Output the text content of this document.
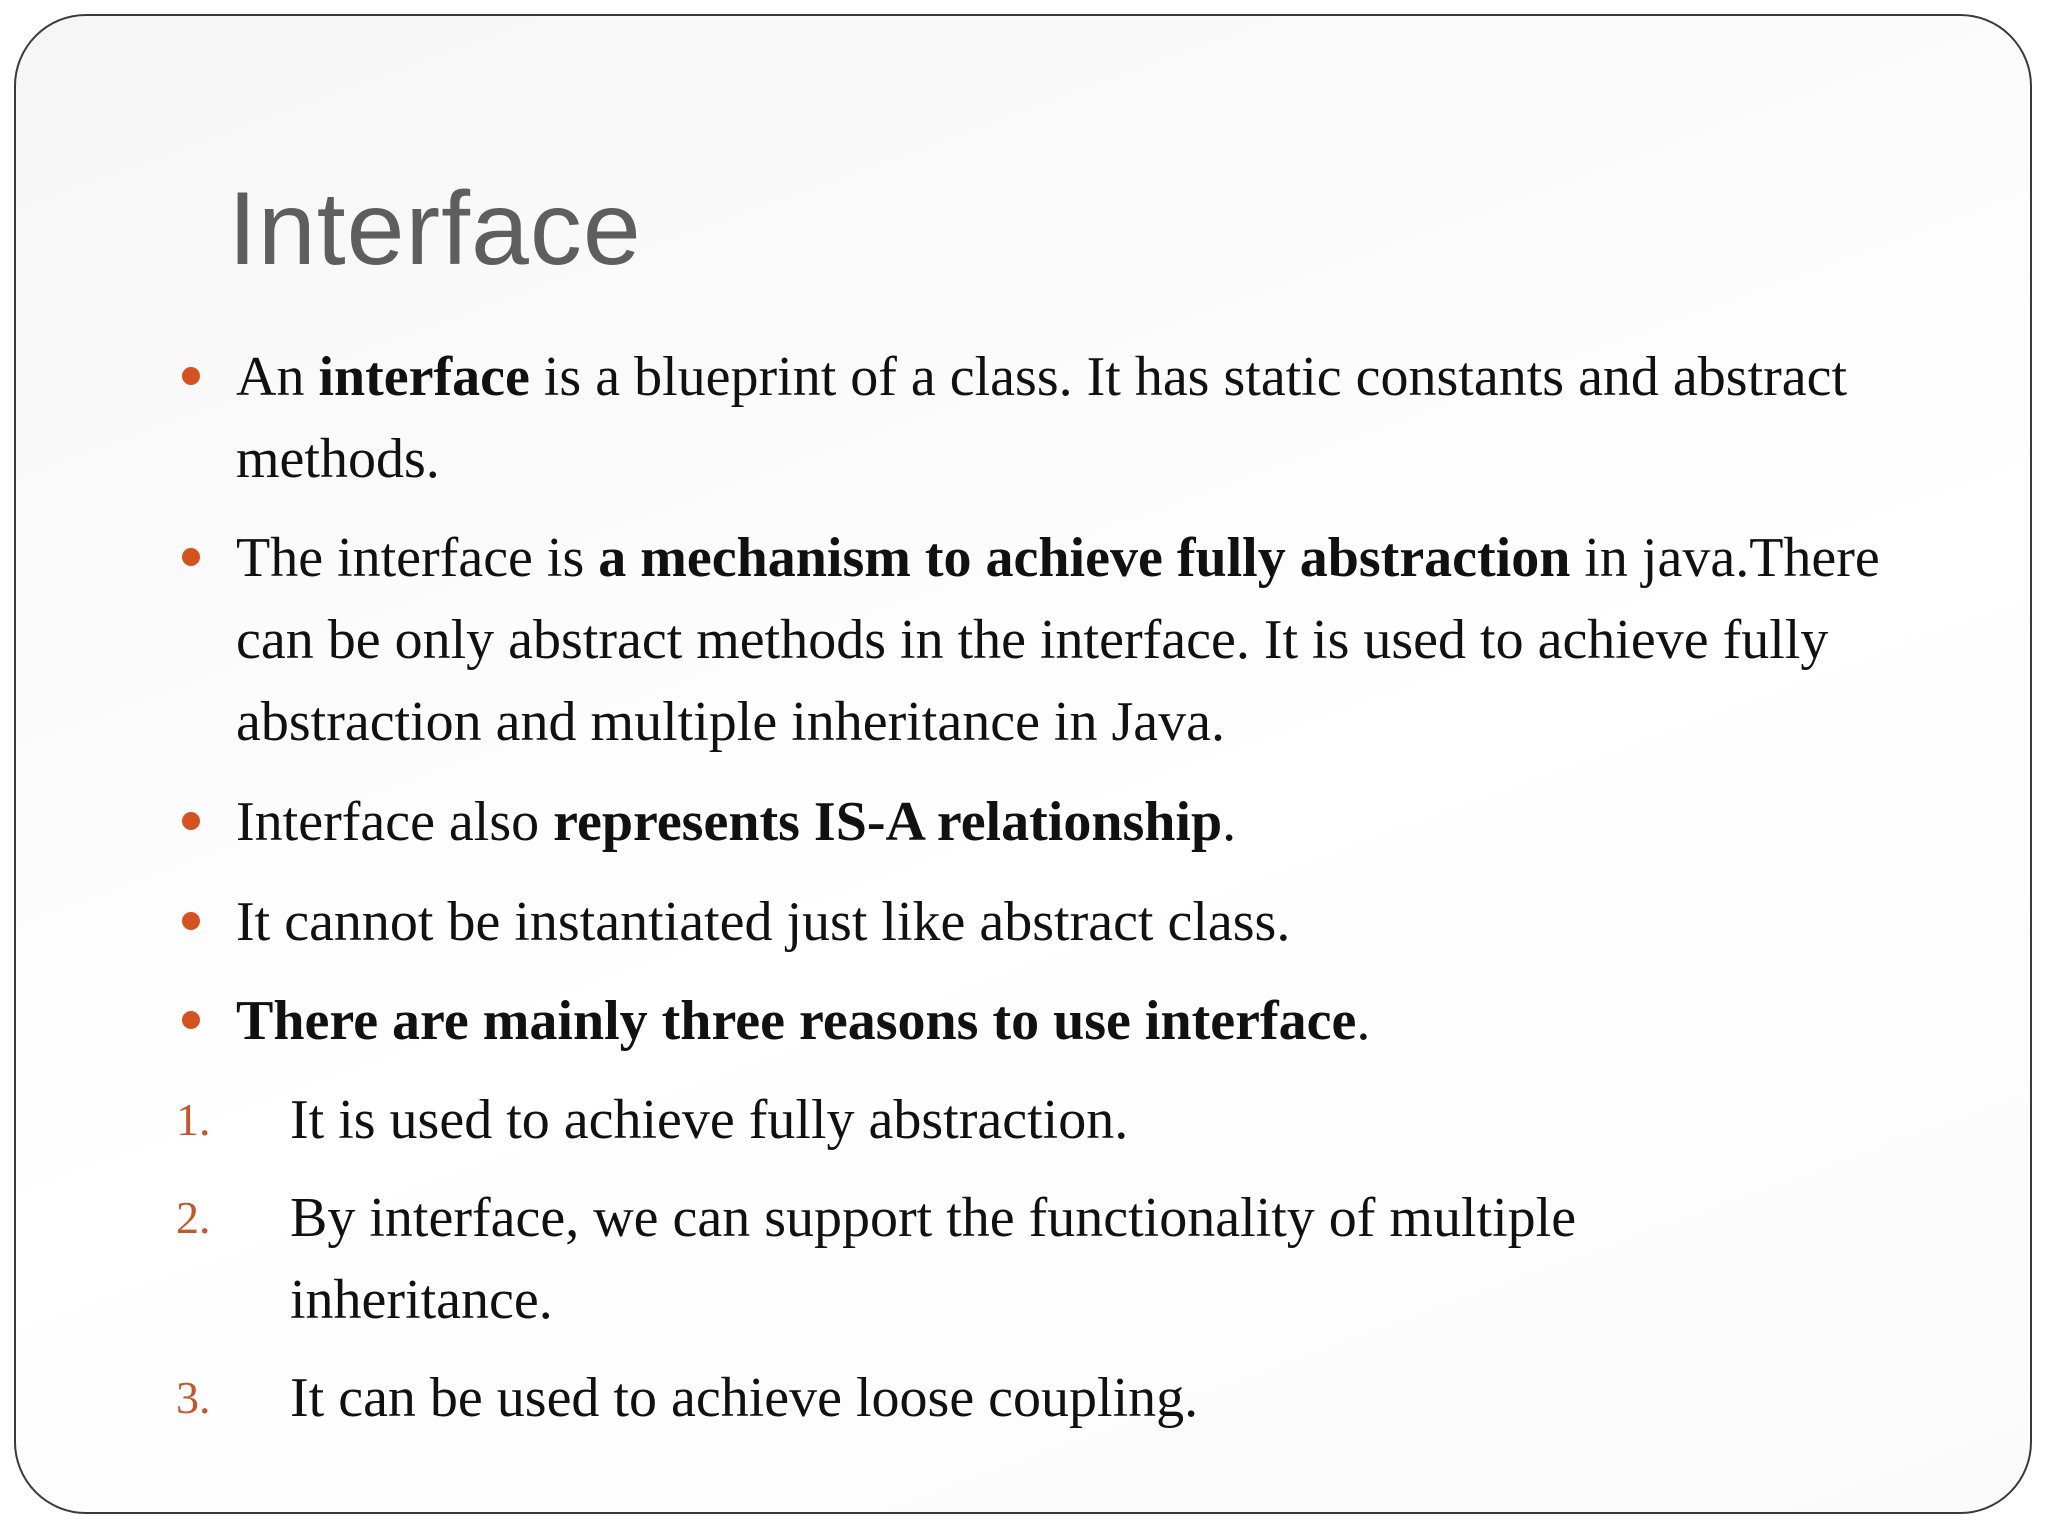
Interface
An interface is a blueprint of a class. It has static constants and abstract methods.
The interface is a mechanism to achieve fully abstraction in java.There can be only abstract methods in the interface. It is used to achieve fully abstraction and multiple inheritance in Java.
Interface also represents IS-A relationship.
It cannot be instantiated just like abstract class.
There are mainly three reasons to use interface.
1. It is used to achieve fully abstraction.
2. By interface, we can support the functionality of multiple inheritance.
3. It can be used to achieve loose coupling.
